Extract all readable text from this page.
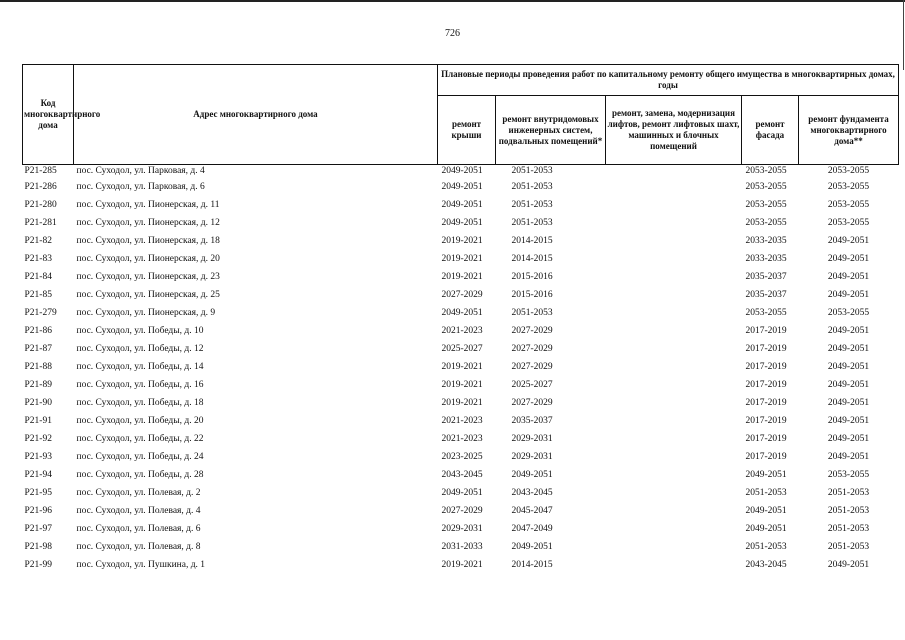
726
Код многоквартирного дома	Адрес многоквартирного дома	Плановые периоды проведения работ по капитальному ремонту общего имущества в многоквартирных домах, годы				
		ремонт крыши	ремонт внутридомовых инженерных систем, подвальных помещений*	ремонт, замена, модернизация лифтов, ремонт лифтовых шахт, машинных и блочных помещений	ремонт фасада	ремонт фундамента многоквартирного дома**
P21-285	пос. Суходол, ул. Парковая, д. 4	2049-2051	2051-2053		2053-2055	2053-2055
P21-286	пос. Суходол, ул. Парковая, д. 6	2049-2051	2051-2053		2053-2055	2053-2055
P21-280	пос. Суходол, ул. Пионерская, д. 11	2049-2051	2051-2053		2053-2055	2053-2055
P21-281	пос. Суходол, ул. Пионерская, д. 12	2049-2051	2051-2053		2053-2055	2053-2055
P21-82	пос. Суходол, ул. Пионерская, д. 18	2019-2021	2014-2015		2033-2035	2049-2051
P21-83	пос. Суходол, ул. Пионерская, д. 20	2019-2021	2014-2015		2033-2035	2049-2051
P21-84	пос. Суходол, ул. Пионерская, д. 23	2019-2021	2015-2016		2035-2037	2049-2051
P21-85	пос. Суходол, ул. Пионерская, д. 25	2027-2029	2015-2016		2035-2037	2049-2051
P21-279	пос. Суходол, ул. Пионерская, д. 9	2049-2051	2051-2053		2053-2055	2053-2055
P21-86	пос. Суходол, ул. Победы, д. 10	2021-2023	2027-2029		2017-2019	2049-2051
P21-87	пос. Суходол, ул. Победы, д. 12	2025-2027	2027-2029		2017-2019	2049-2051
P21-88	пос. Суходол, ул. Победы, д. 14	2019-2021	2027-2029		2017-2019	2049-2051
P21-89	пос. Суходол, ул. Победы, д. 16	2019-2021	2025-2027		2017-2019	2049-2051
P21-90	пос. Суходол, ул. Победы, д. 18	2019-2021	2027-2029		2017-2019	2049-2051
P21-91	пос. Суходол, ул. Победы, д. 20	2021-2023	2035-2037		2017-2019	2049-2051
P21-92	пос. Суходол, ул. Победы, д. 22	2021-2023	2029-2031		2017-2019	2049-2051
P21-93	пос. Суходол, ул. Победы, д. 24	2023-2025	2029-2031		2017-2019	2049-2051
P21-94	пос. Суходол, ул. Победы, д. 28	2043-2045	2049-2051		2049-2051	2053-2055
P21-95	пос. Суходол, ул. Полевая, д. 2	2049-2051	2043-2045		2051-2053	2051-2053
P21-96	пос. Суходол, ул. Полевая, д. 4	2027-2029	2045-2047		2049-2051	2051-2053
P21-97	пос. Суходол, ул. Полевая, д. 6	2029-2031	2047-2049		2049-2051	2051-2053
P21-98	пос. Суходол, ул. Полевая, д. 8	2031-2033	2049-2051		2051-2053	2051-2053
P21-99	пос. Суходол, ул. Пушкина, д. 1	2019-2021	2014-2015		2043-2045	2049-2051
